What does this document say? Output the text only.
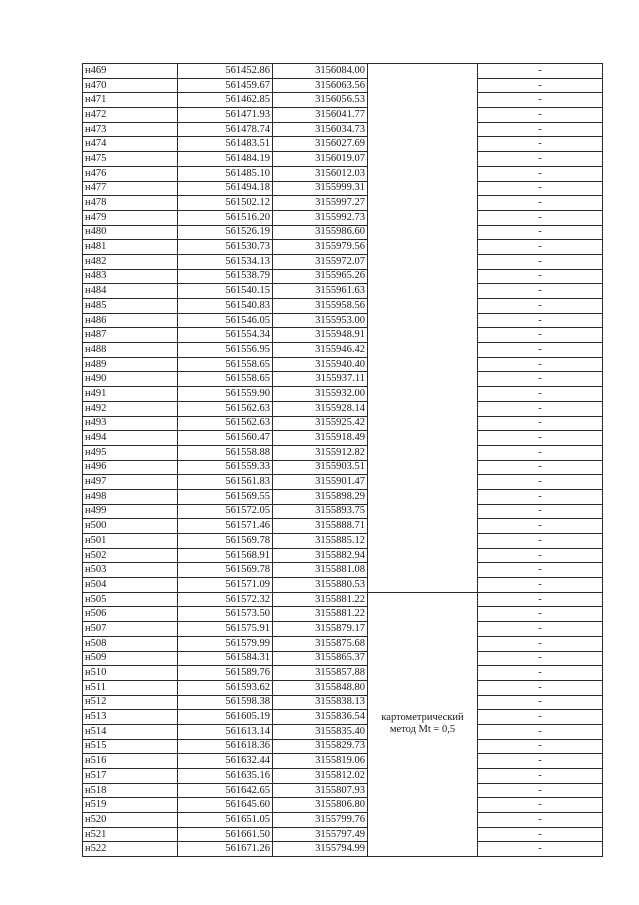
н469	561452.86	3156084.00		-
н470	561459.67	3156063.56		-
н471	561462.85	3156056.53		-
н472	561471.93	3156041.77		-
н473	561478.74	3156034.73		-
н474	561483.51	3156027.69		-
н475	561484.19	3156019.07		-
н476	561485.10	3156012.03		-
н477	561494.18	3155999.31		-
н478	561502.12	3155997.27		-
н479	561516.20	3155992.73		-
н480	561526.19	3155986.60		-
н481	561530.73	3155979.56		-
н482	561534.13	3155972.07		-
н483	561538.79	3155965.26		-
н484	561540.15	3155961.63		-
н485	561540.83	3155958.56		-
н486	561546.05	3155953.00		-
н487	561554.34	3155948.91		-
н488	561556.95	3155946.42		-
н489	561558.65	3155940.40		-
н490	561558.65	3155937.11		-
н491	561559.90	3155932.00		-
н492	561562.63	3155928.14		-
н493	561562.63	3155925.42		-
н494	561560.47	3155918.49		-
н495	561558.88	3155912.82		-
н496	561559.33	3155903.51		-
н497	561561.83	3155901.47		-
н498	561569.55	3155898.29		-
н499	561572.05	3155893.75		-
н500	561571.46	3155888.71		-
н501	561569.78	3155885.12		-
н502	561568.91	3155882.94		-
н503	561569.78	3155881.08		-
н504	561571.09	3155880.53		-
н505	561572.32	3155881.22	картометрический
метод Mt = 0,5	-
н506	561573.50	3155881.22		-
н507	561575.91	3155879.17		-
н508	561579.99	3155875.68		-
н509	561584.31	3155865.37		-
н510	561589.76	3155857.88		-
н511	561593.62	3155848.80		-
н512	561598.38	3155838.13		-
н513	561605.19	3155836.54		-
н514	561613.14	3155835.40		-
н515	561618.36	3155829.73		-
н516	561632.44	3155819.06		-
н517	561635.16	3155812.02		-
н518	561642.65	3155807.93		-
н519	561645.60	3155806.80		-
н520	561651.05	3155799.76		-
н521	561661.50	3155797.49		-
н522	561671.26	3155794.99		-
